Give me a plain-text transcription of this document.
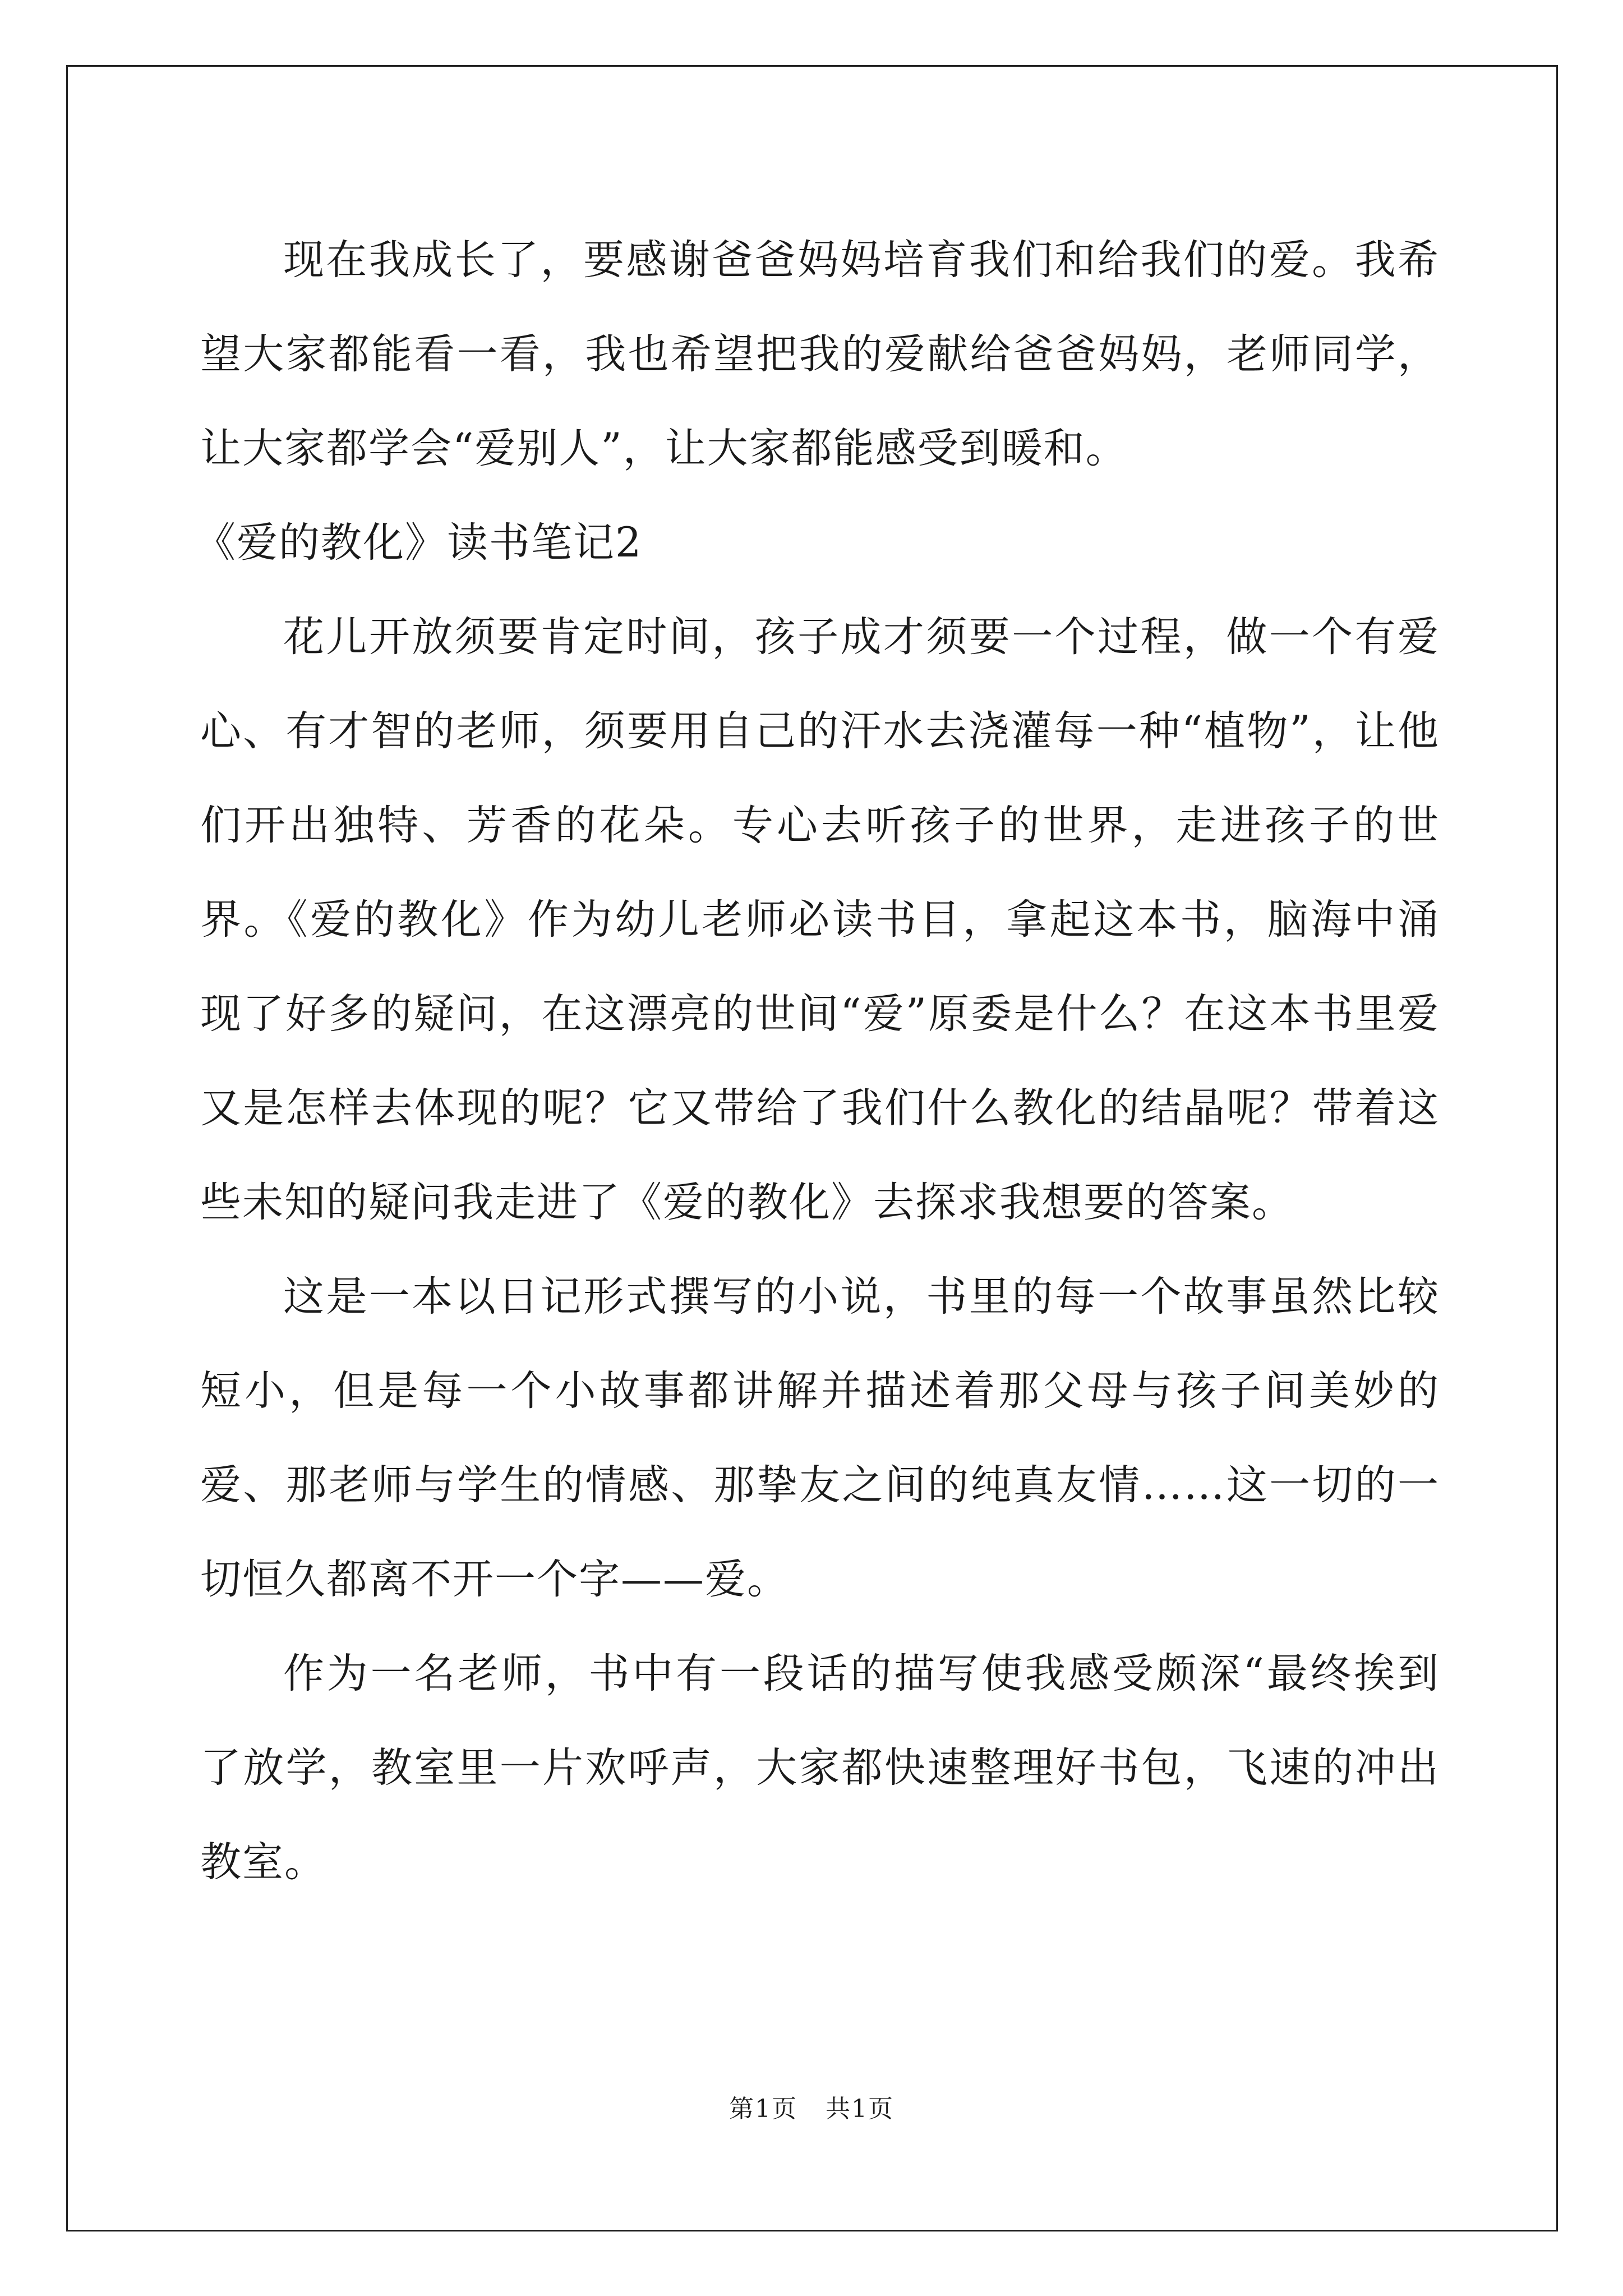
现在我成长了，要感谢爸爸妈妈培育我们和给我们的爱。我希望大家都能看一看，我也希望把我的爱献给爸爸妈妈，老师同学，让大家都学会“爱别人”，让大家都能感受到暖和。

《爱的教化》读书笔记2

花儿开放须要肯定时间，孩子成才须要一个过程，做一个有爱心、有才智的老师，须要用自己的汗水去浇灌每一种“植物”，让他们开出独特、芳香的花朵。专心去听孩子的世界，走进孩子的世界。《爱的教化》作为幼儿老师必读书目，拿起这本书，脑海中涌现了好多的疑问，在这漂亮的世间“爱”原委是什么？在这本书里爱又是怎样去体现的呢？它又带给了我们什么教化的结晶呢？带着这些未知的疑问我走进了《爱的教化》去探求我想要的答案。

这是一本以日记形式撰写的小说，书里的每一个故事虽然比较短小，但是每一个小故事都讲解并描述着那父母与孩子间美妙的爱、那老师与学生的情感、那挚友之间的纯真友情……这一切的一切恒久都离不开一个字——爱。

作为一名老师，书中有一段话的描写使我感受颇深“最终挨到了放学，教室里一片欢呼声，大家都快速整理好书包，飞速的冲出教室。

第1页 共1页
